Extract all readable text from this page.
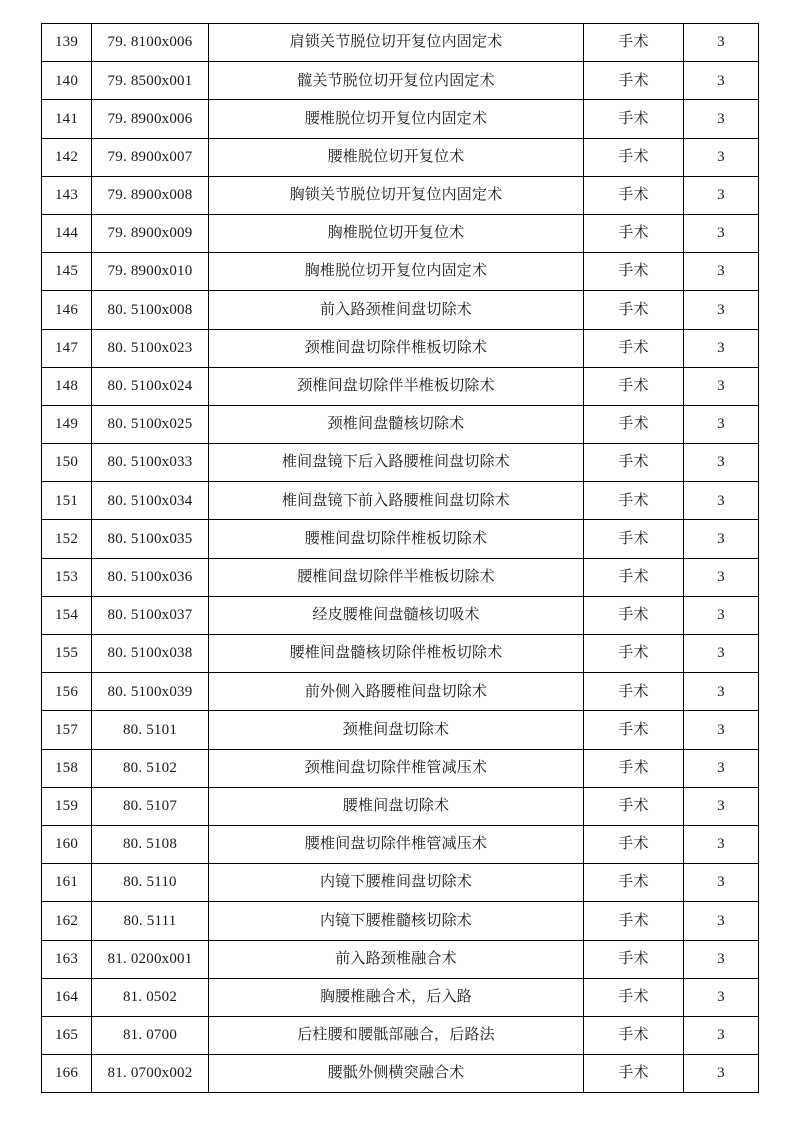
139	79. 8100x006	肩锁关节脱位切开复位内固定术	手术	3
140	79. 8500x001	髋关节脱位切开复位内固定术	手术	3
141	79. 8900x006	腰椎脱位切开复位内固定术	手术	3
142	79. 8900x007	腰椎脱位切开复位术	手术	3
143	79. 8900x008	胸锁关节脱位切开复位内固定术	手术	3
144	79. 8900x009	胸椎脱位切开复位术	手术	3
145	79. 8900x010	胸椎脱位切开复位内固定术	手术	3
146	80. 5100x008	前入路颈椎间盘切除术	手术	3
147	80. 5100x023	颈椎间盘切除伴椎板切除术	手术	3
148	80. 5100x024	颈椎间盘切除伴半椎板切除术	手术	3
149	80. 5100x025	颈椎间盘髓核切除术	手术	3
150	80. 5100x033	椎间盘镜下后入路腰椎间盘切除术	手术	3
151	80. 5100x034	椎间盘镜下前入路腰椎间盘切除术	手术	3
152	80. 5100x035	腰椎间盘切除伴椎板切除术	手术	3
153	80. 5100x036	腰椎间盘切除伴半椎板切除术	手术	3
154	80. 5100x037	经皮腰椎间盘髓核切吸术	手术	3
155	80. 5100x038	腰椎间盘髓核切除伴椎板切除术	手术	3
156	80. 5100x039	前外侧入路腰椎间盘切除术	手术	3
157	80. 5101	颈椎间盘切除术	手术	3
158	80. 5102	颈椎间盘切除伴椎管减压术	手术	3
159	80. 5107	腰椎间盘切除术	手术	3
160	80. 5108	腰椎间盘切除伴椎管减压术	手术	3
161	80. 5110	内镜下腰椎间盘切除术	手术	3
162	80. 5111	内镜下腰椎髓核切除术	手术	3
163	81. 0200x001	前入路颈椎融合术	手术	3
164	81. 0502	胸腰椎融合术，后入路	手术	3
165	81. 0700	后柱腰和腰骶部融合，后路法	手术	3
166	81. 0700x002	腰骶外侧横突融合术	手术	3
